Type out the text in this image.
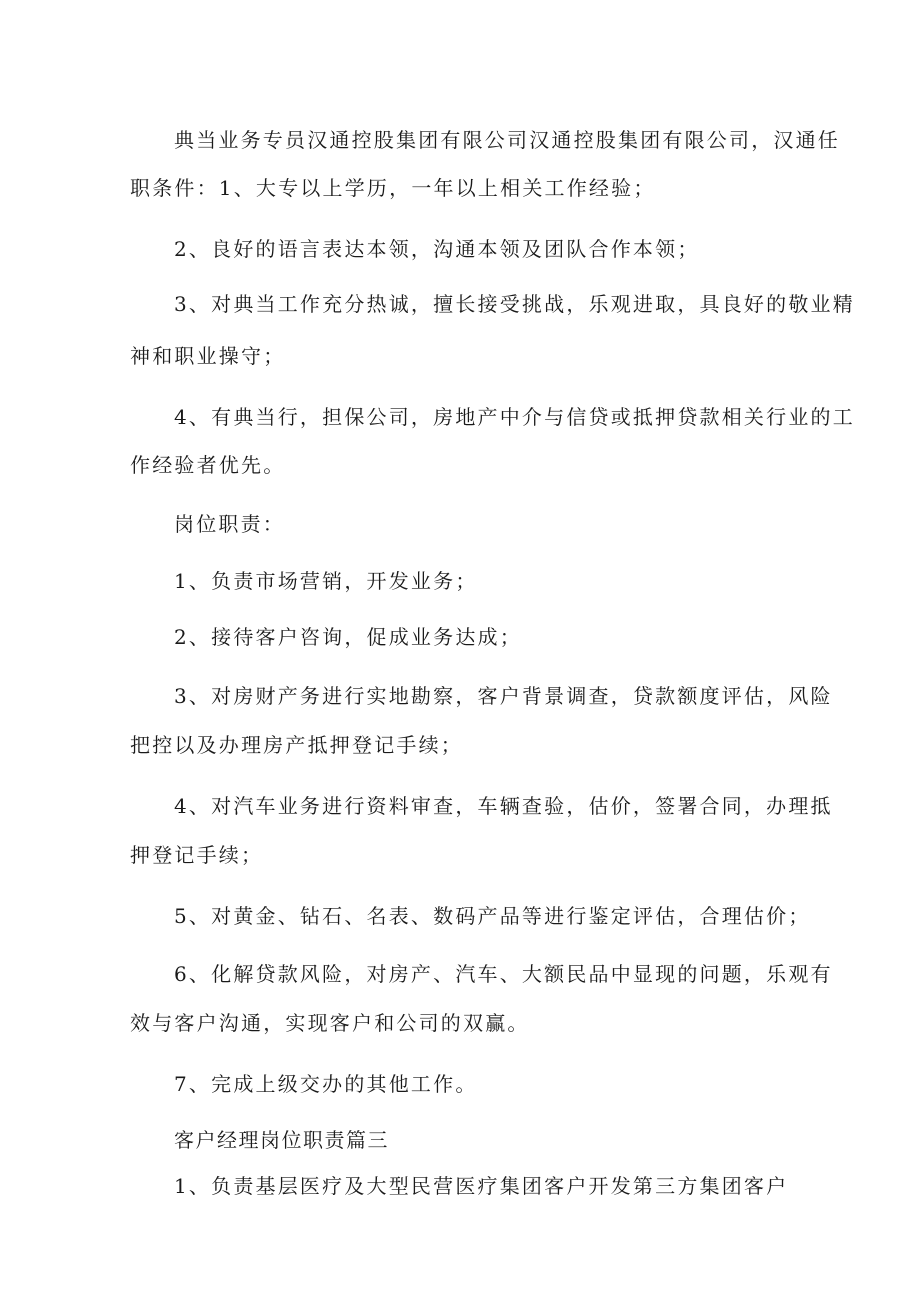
典当业务专员汉通控股集团有限公司汉通控股集团有限公司，汉通任
职条件：1、大专以上学历，一年以上相关工作经验；
2、良好的语言表达本领，沟通本领及团队合作本领；
3、对典当工作充分热诚，擅长接受挑战，乐观进取，具良好的敬业精
神和职业操守；
4、有典当行，担保公司，房地产中介与信贷或抵押贷款相关行业的工
作经验者优先。
岗位职责：
1、负责市场营销，开发业务；
2、接待客户咨询，促成业务达成；
3、对房财产务进行实地勘察，客户背景调查，贷款额度评估，风险
把控以及办理房产抵押登记手续；
4、对汽车业务进行资料审查，车辆查验，估价，签署合同，办理抵
押登记手续；
5、对黄金、钻石、名表、数码产品等进行鉴定评估，合理估价；
6、化解贷款风险，对房产、汽车、大额民品中显现的问题，乐观有
效与客户沟通，实现客户和公司的双赢。
7、完成上级交办的其他工作。
客户经理岗位职责篇三
1、负责基层医疗及大型民营医疗集团客户开发第三方集团客户
